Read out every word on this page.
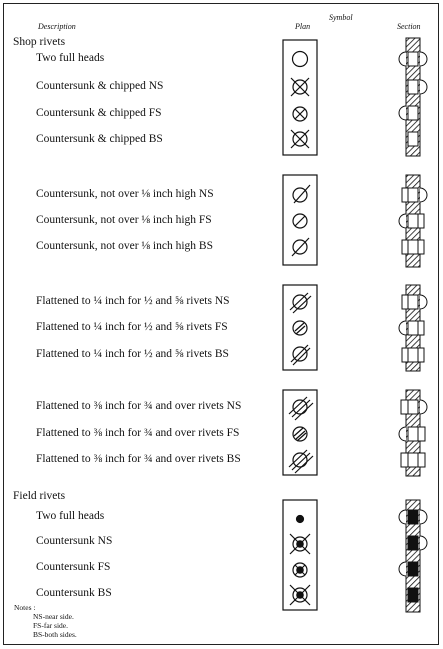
Description
Symbol
Plan	Section
Shop rivets
Two full heads
Countersunk & chipped NS
Countersunk & chipped FS
Countersunk & chipped BS
Countersunk, not over ⅛ inch high NS
Countersunk, not over ⅛ inch high FS
Countersunk, not over ⅛ inch high BS
Flattened to ¼ inch for ½ and ⅝ rivets NS
Flattened to ¼ inch for ½ and ⅝ rivets FS
Flattened to ¼ inch for ½ and ⅝ rivets BS
Flattened to ⅜ inch for ¾ and over rivets NS
Flattened to ⅜ inch for ¾ and over rivets FS
Flattened to ⅜ inch for ¾ and over rivets BS
Field rivets
Two full heads
Countersunk NS
Countersunk FS
Countersunk BS
Notes :
NS-near side.
FS-far side.
BS-both sides.
